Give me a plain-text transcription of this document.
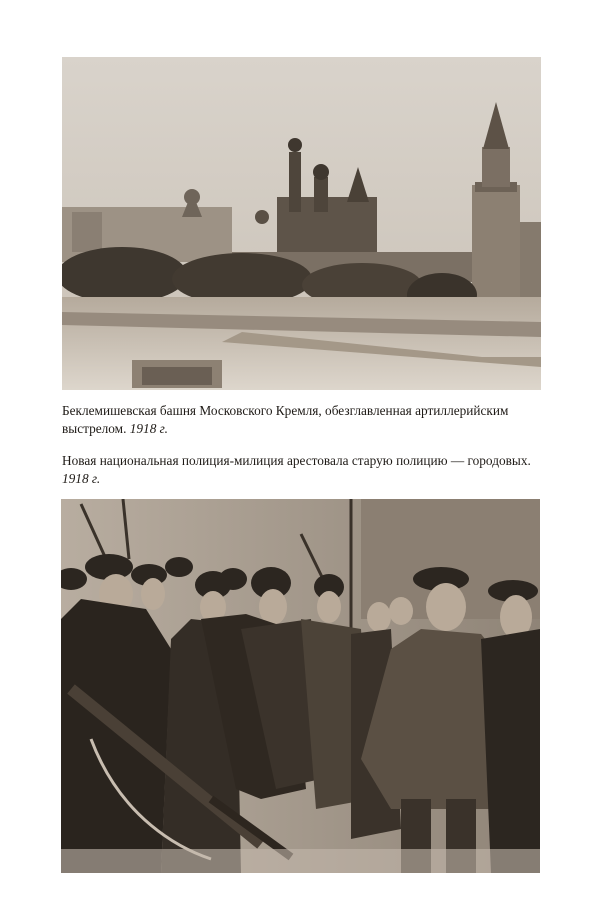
Беклемишевская башня Московского Кремля, обезглавленная артиллерийским выстрелом. 1918 г.
Новая национальная полиция-милиция арестовала старую полицию — городовых. 1918 г.
